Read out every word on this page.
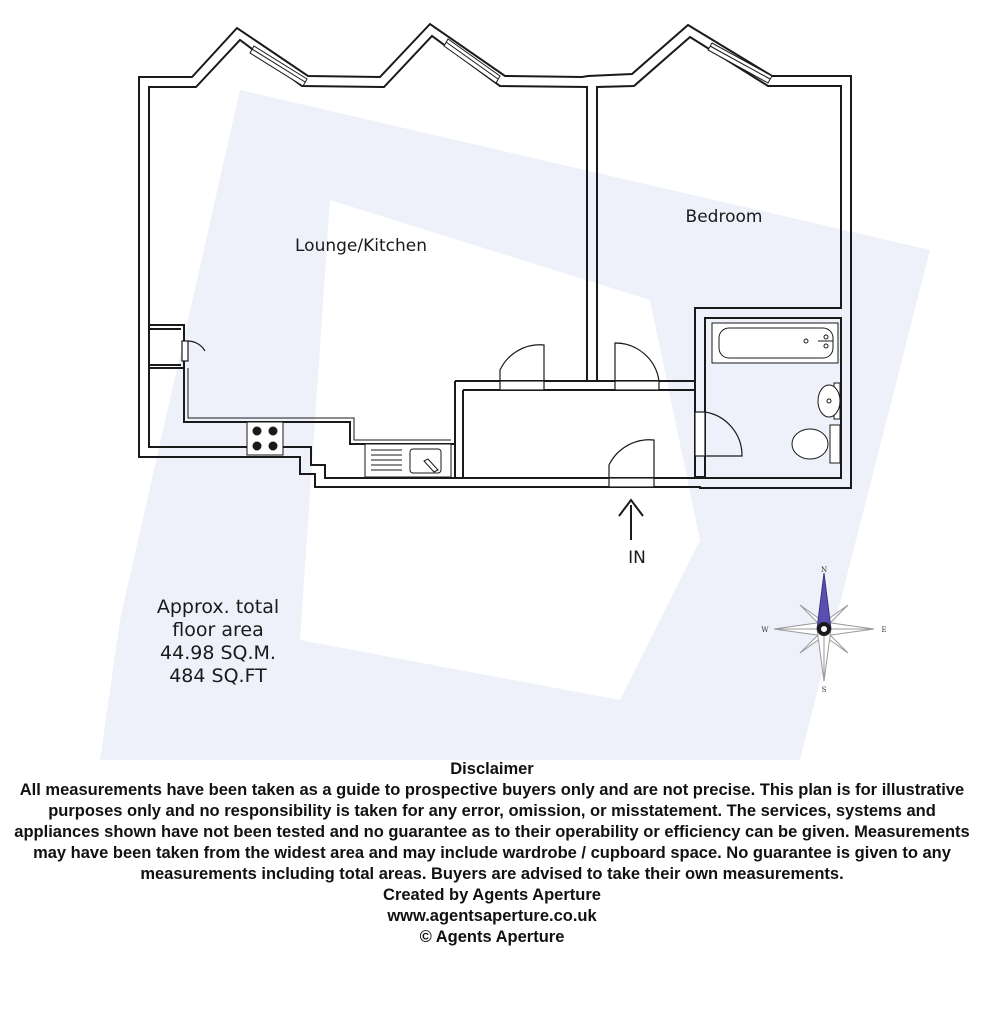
IN
Lounge/Kitchen
Bedroom
N
E
S
W
Approx. total
floor area
44.98 SQ.M.
484 SQ.FT

Disclaimer

All measurements have been taken as a guide to prospective buyers only and are not precise. This plan is for illustrative purposes only and no responsibility is taken for any error, omission, or misstatement. The services, systems and appliances shown have not been tested and no guarantee as to their operability or efficiency can be given. Measurements may have been taken from the widest area and may include wardrobe / cupboard space. No guarantee is given to any measurements including total areas. Buyers are advised to take their own measurements.

Created by Agents Aperture

www.agentsaperture.co.uk

© Agents Aperture
